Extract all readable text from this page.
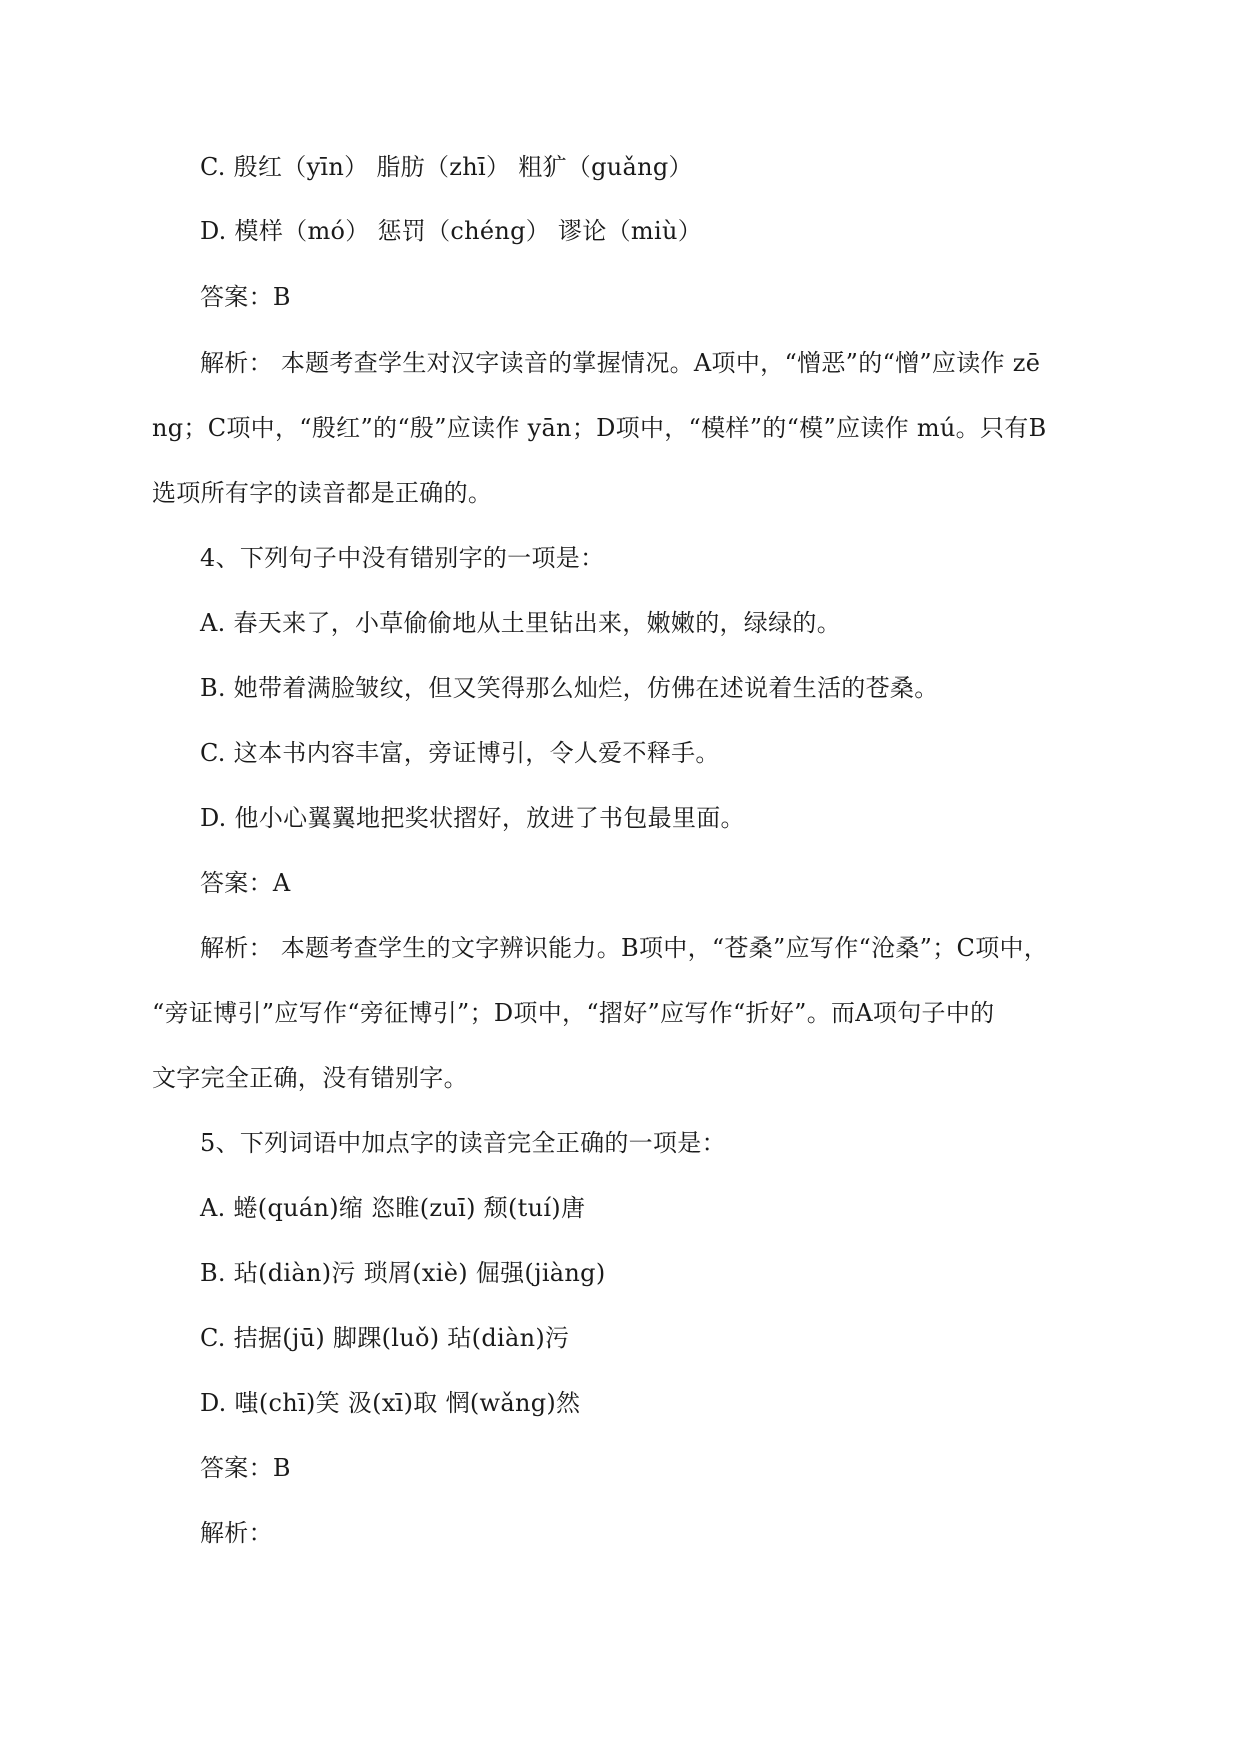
C. 殷红（yīn） 脂肪（zhī） 粗犷（guǎng）
D. 模样（mó） 惩罚（chéng） 谬论（miù）
答案：B
解析： 本题考查学生对汉字读音的掌握情况。A项中，“憎恶”的“憎”应读作 zē
ng；C项中，“殷红”的“殷”应读作 yān；D项中，“模样”的“模”应读作 mú。只有B
选项所有字的读音都是正确的。
4、下列句子中没有错别字的一项是：
A. 春天来了，小草偷偷地从土里钻出来，嫩嫩的，绿绿的。
B. 她带着满脸皱纹，但又笑得那么灿烂，仿佛在述说着生活的苍桑。
C. 这本书内容丰富，旁证博引，令人爱不释手。
D. 他小心翼翼地把奖状摺好，放进了书包最里面。
答案：A
解析： 本题考查学生的文字辨识能力。B项中，“苍桑”应写作“沧桑”；C项中，
“旁证博引”应写作“旁征博引”；D项中，“摺好”应写作“折好”。而A项句子中的
文字完全正确，没有错别字。
5、下列词语中加点字的读音完全正确的一项是：
A. 蜷(quán)缩 恣睢(zuī) 颓(tuí)唐
B. 玷(diàn)污 琐屑(xiè) 倔强(jiàng)
C. 拮据(jū) 脚踝(luǒ) 玷(diàn)污
D. 嗤(chī)笑 汲(xī)取 惘(wǎng)然
答案：B
解析：
